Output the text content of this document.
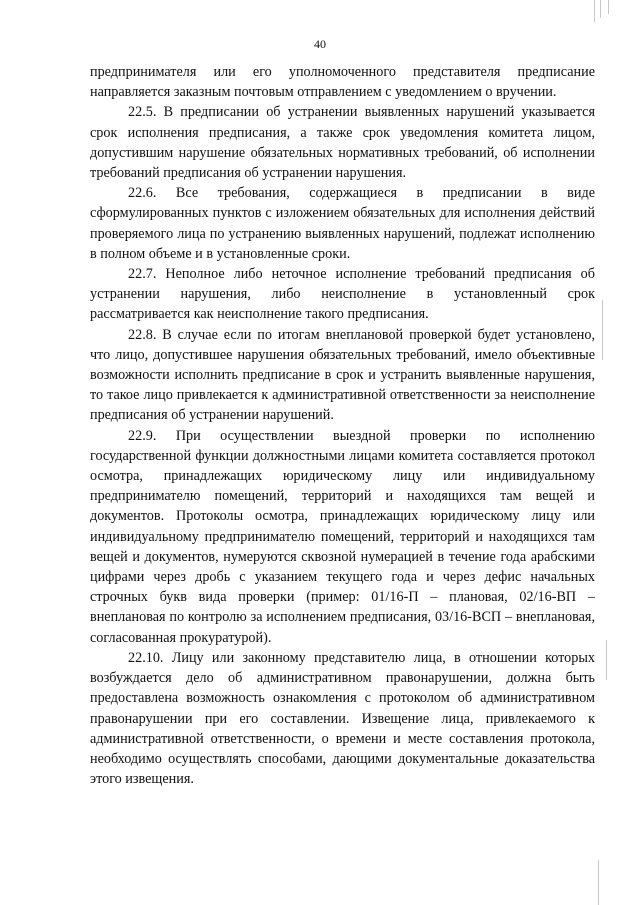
40

предпринимателя или его уполномоченного представителя предписание направляется заказным почтовым отправлением с уведомлением о вручении.

22.5. В предписании об устранении выявленных нарушений указывается срок исполнения предписания, а также срок уведомления комитета лицом, допустившим нарушение обязательных нормативных требований, об исполнении требований предписания об устранении нарушения.

22.6. Все требования, содержащиеся в предписании в виде сформулированных пунктов с изложением обязательных для исполнения действий проверяемого лица по устранению выявленных нарушений, подлежат исполнению в полном объеме и в установленные сроки.

22.7. Неполное либо неточное исполнение требований предписания об устранении нарушения, либо неисполнение в установленный срок рассматривается как неисполнение такого предписания.

22.8. В случае если по итогам внеплановой проверкой будет установлено, что лицо, допустившее нарушения обязательных требований, имело объективные возможности исполнить предписание в срок и устранить выявленные нарушения, то такое лицо привлекается к административной ответственности за неисполнение предписания об устранении нарушений.

22.9. При осуществлении выездной проверки по исполнению государственной функции должностными лицами комитета составляется протокол осмотра, принадлежащих юридическому лицу или индивидуальному предпринимателю помещений, территорий и находящихся там вещей и документов. Протоколы осмотра, принадлежащих юридическому лицу или индивидуальному предпринимателю помещений, территорий и находящихся там вещей и документов, нумеруются сквозной нумерацией в течение года арабскими цифрами через дробь с указанием текущего года и через дефис начальных строчных букв вида проверки (пример: 01/16-П – плановая, 02/16-ВП – внеплановая по контролю за исполнением предписания, 03/16-ВСП – внеплановая, согласованная прокуратурой).

22.10. Лицу или законному представителю лица, в отношении которых возбуждается дело об административном правонарушении, должна быть предоставлена возможность ознакомления с протоколом об административном правонарушении при его составлении. Извещение лица, привлекаемого к административной ответственности, о времени и месте составления протокола, необходимо осуществлять способами, дающими документальные доказательства этого извещения.
